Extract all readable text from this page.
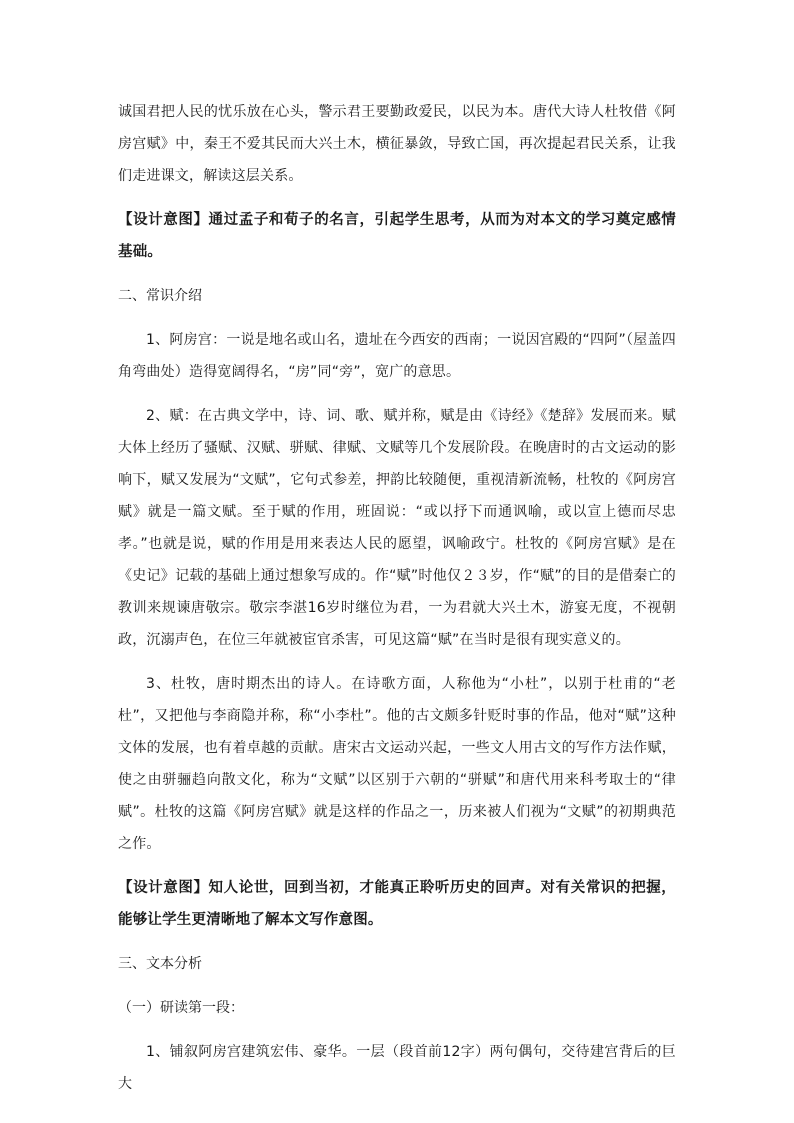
诚国君把人民的忧乐放在心头，警示君王要勤政爱民，以民为本。唐代大诗人杜牧借《阿房宫赋》中，秦王不爱其民而大兴土木，横征暴敛，导致亡国，再次提起君民关系，让我们走进课文，解读这层关系。

【设计意图】通过孟子和荀子的名言，引起学生思考，从而为对本文的学习奠定感情基础。

二、常识介绍

1、阿房宫：一说是地名或山名，遗址在今西安的西南；一说因宫殿的“四阿”（屋盖四角弯曲处）造得宽阔得名，“房”同“旁”，宽广的意思。

2、赋：在古典文学中，诗、词、歌、赋并称，赋是由《诗经》《楚辞》发展而来。赋大体上经历了骚赋、汉赋、骈赋、律赋、文赋等几个发展阶段。在晚唐时的古文运动的影响下，赋又发展为“文赋”，它句式参差，押韵比较随便，重视清新流畅，杜牧的《阿房宫赋》就是一篇文赋。至于赋的作用，班固说：“或以抒下而通讽喻，或以宣上德而尽忠孝。”也就是说，赋的作用是用来表达人民的愿望，讽喻政宁。杜牧的《阿房宫赋》是在《史记》记载的基础上通过想象写成的。作“赋”时他仅２３岁，作“赋”的目的是借秦亡的教训来规谏唐敬宗。敬宗李湛16岁时继位为君，一为君就大兴土木，游宴无度，不视朝政，沉溺声色，在位三年就被宦官杀害，可见这篇“赋”在当时是很有现实意义的。

3、杜牧，唐时期杰出的诗人。在诗歌方面，人称他为“小杜”，以别于杜甫的“老杜”，又把他与李商隐并称，称“小李杜”。他的古文颇多针贬时事的作品，他对“赋”这种文体的发展，也有着卓越的贡献。唐宋古文运动兴起，一些文人用古文的写作方法作赋，使之由骈骊趋向散文化，称为“文赋”以区别于六朝的“骈赋”和唐代用来科考取士的“律赋”。杜牧的这篇《阿房宫赋》就是这样的作品之一，历来被人们视为“文赋”的初期典范之作。

【设计意图】知人论世，回到当初，才能真正聆听历史的回声。对有关常识的把握，能够让学生更清晰地了解本文写作意图。

三、文本分析

（一）研读第一段：

1、铺叙阿房宫建筑宏伟、豪华。一层（段首前12字）两句偶句，交待建宫背后的巨大
